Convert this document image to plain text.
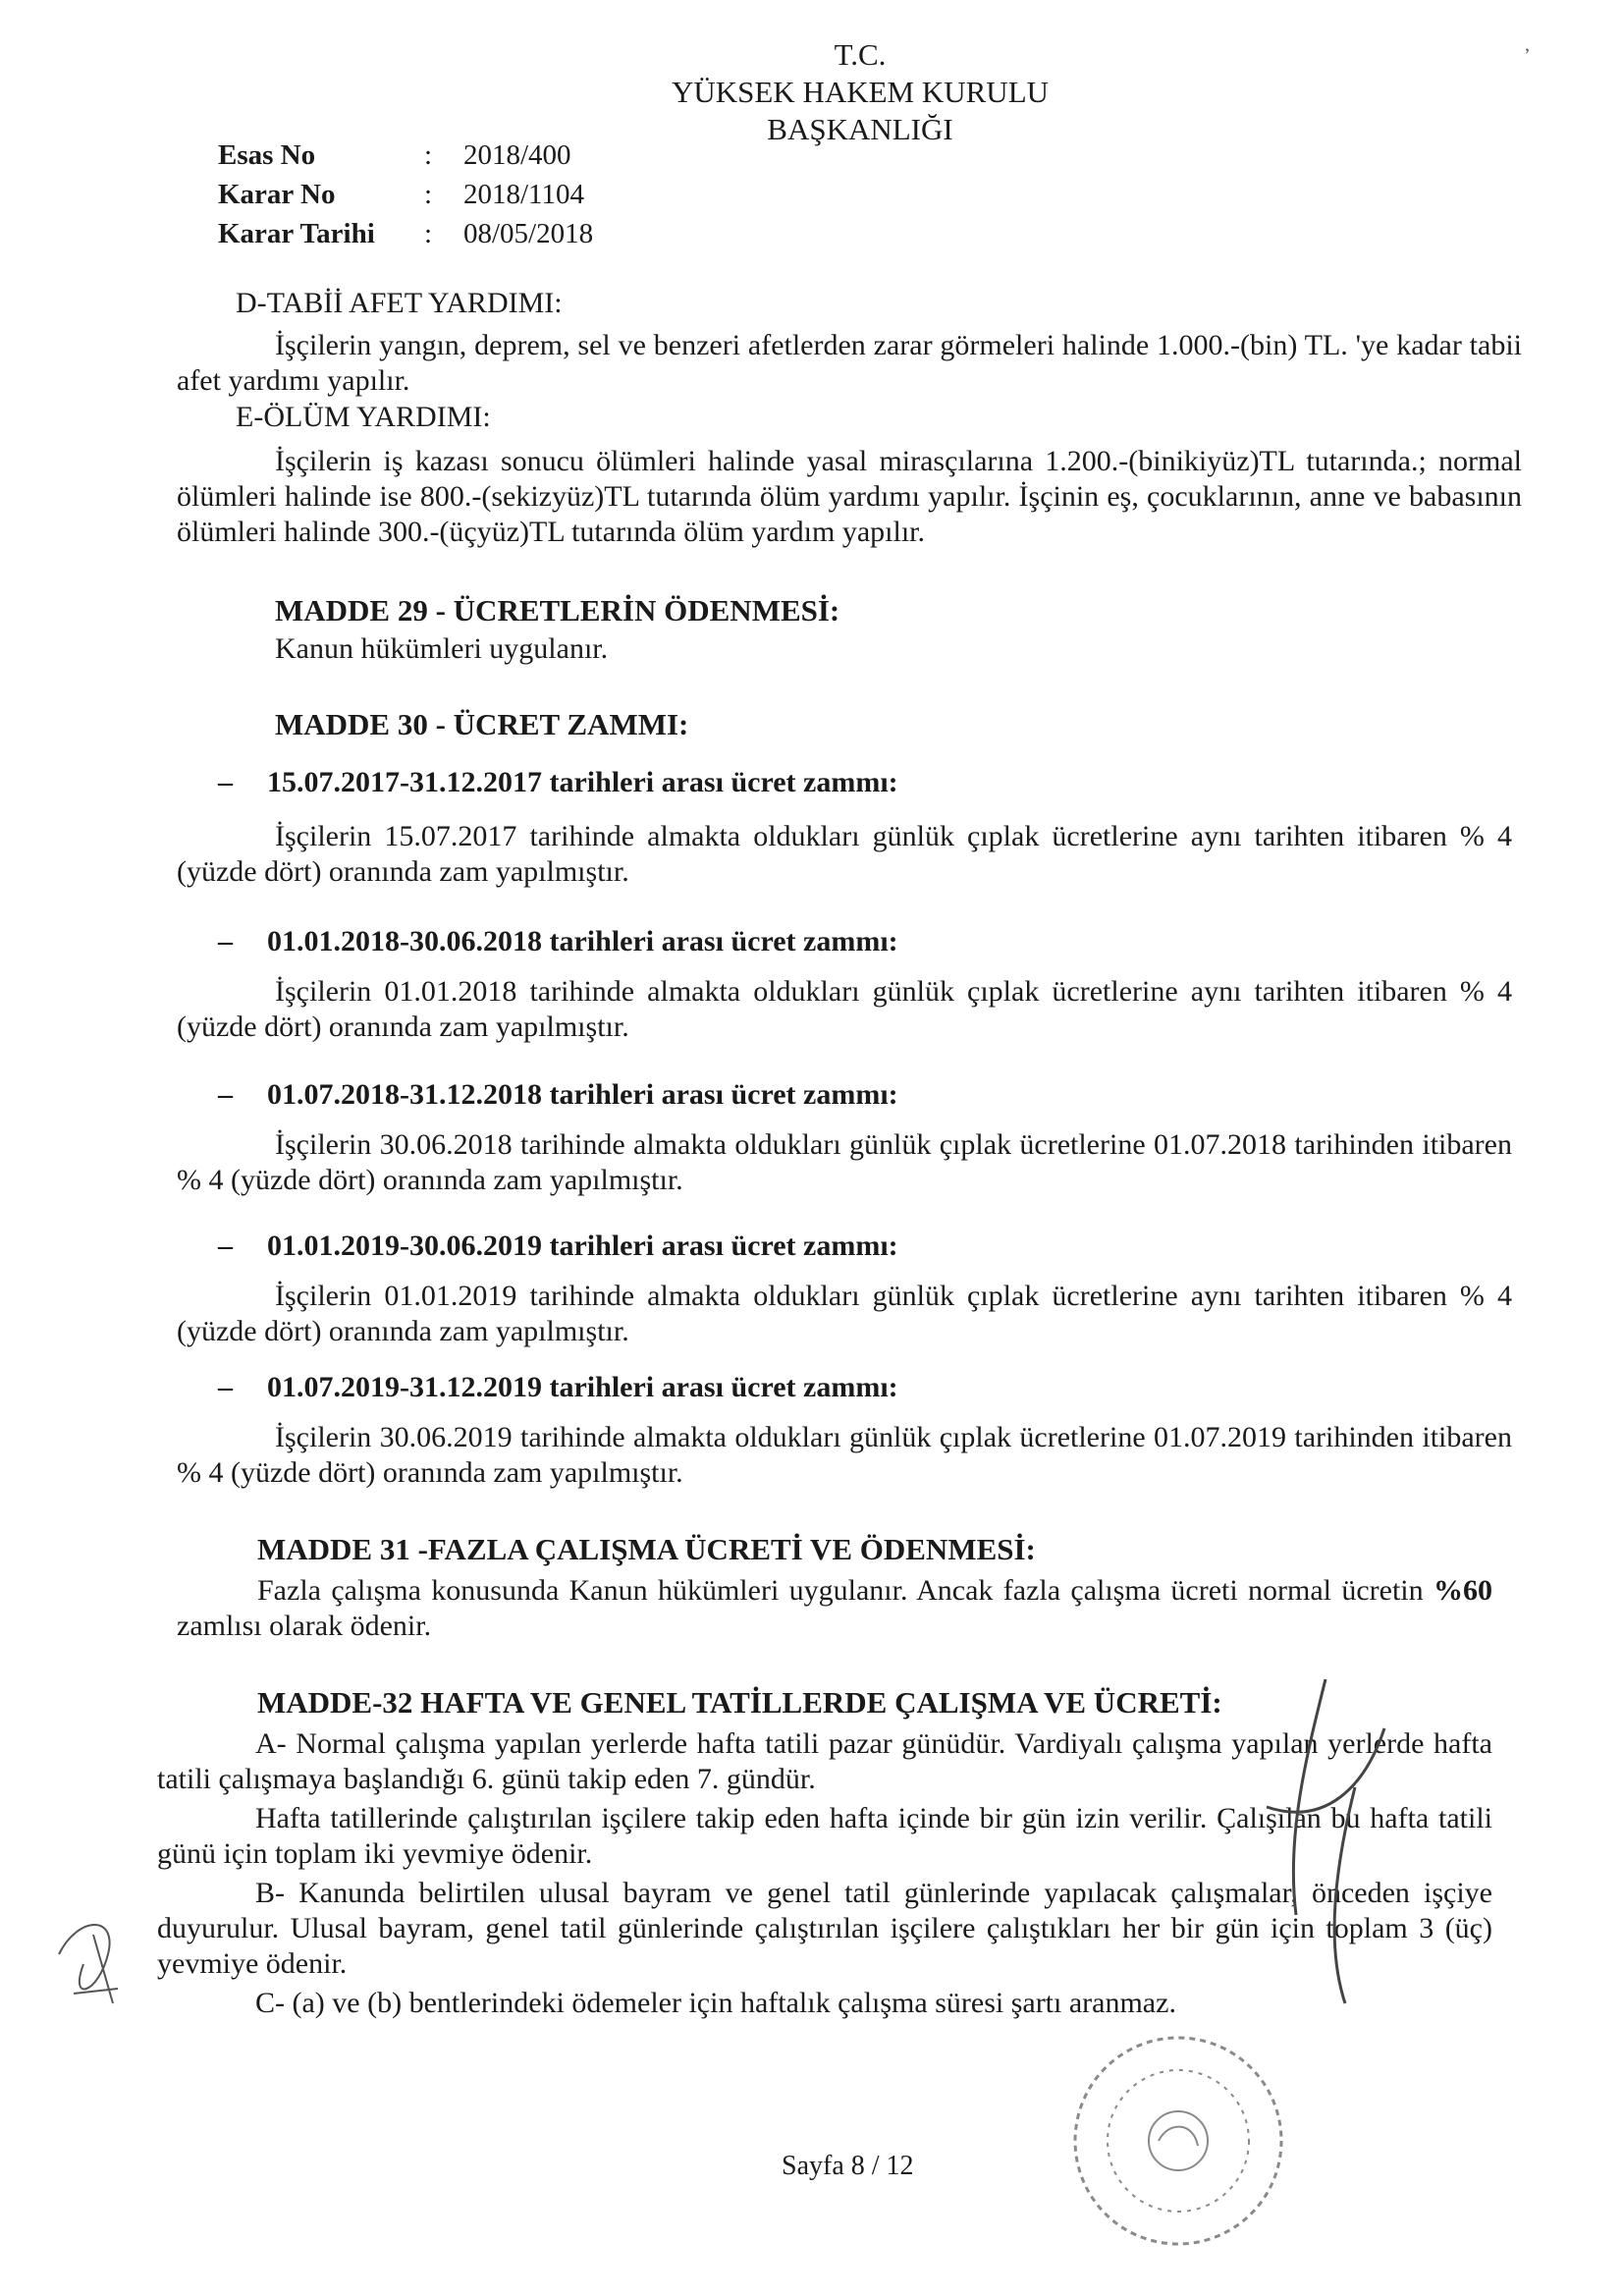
T.C.
YÜKSEK HAKEM KURULU
BAŞKANLIĞI
Esas No	: 2018/400
Karar No	: 2018/1104
Karar Tarihi : 08/05/2018
D-TABİİ AFET YARDIMI:
İşçilerin yangın, deprem, sel ve benzeri afetlerden zarar görmeleri halinde 1.000.-(bin) TL. 'ye kadar tabii afet yardımı yapılır.
E-ÖLÜM YARDIMI:
İşçilerin iş kazası sonucu ölümleri halinde yasal mirasçılarına 1.200.-(binikiyüz)TL tutarında.; normal ölümleri halinde ise 800.-(sekizyüz)TL tutarında ölüm yardımı yapılır. İşçinin eş, çocuklarının, anne ve babasının ölümleri halinde 300.-(üçyüz)TL tutarında ölüm yardım yapılır.
MADDE 29 - ÜCRETLERİN ÖDENMESİ:
Kanun hükümleri uygulanır.
MADDE 30 - ÜCRET ZAMMI:
– 15.07.2017-31.12.2017 tarihleri arası ücret zammı:
İşçilerin 15.07.2017 tarihinde almakta oldukları günlük çıplak ücretlerine aynı tarihten itibaren % 4 (yüzde dört) oranında zam yapılmıştır.
– 01.01.2018-30.06.2018 tarihleri arası ücret zammı:
İşçilerin 01.01.2018 tarihinde almakta oldukları günlük çıplak ücretlerine aynı tarihten itibaren % 4 (yüzde dört) oranında zam yapılmıştır.
– 01.07.2018-31.12.2018 tarihleri arası ücret zammı:
İşçilerin 30.06.2018 tarihinde almakta oldukları günlük çıplak ücretlerine 01.07.2018 tarihinden itibaren % 4 (yüzde dört) oranında zam yapılmıştır.
– 01.01.2019-30.06.2019 tarihleri arası ücret zammı:
İşçilerin 01.01.2019 tarihinde almakta oldukları günlük çıplak ücretlerine aynı tarihten itibaren % 4 (yüzde dört) oranında zam yapılmıştır.
– 01.07.2019-31.12.2019 tarihleri arası ücret zammı:
İşçilerin 30.06.2019 tarihinde almakta oldukları günlük çıplak ücretlerine 01.07.2019 tarihinden itibaren % 4 (yüzde dört) oranında zam yapılmıştır.
MADDE 31 -FAZLA ÇALIŞMA ÜCRETİ VE ÖDENMESİ:
Fazla çalışma konusunda Kanun hükümleri uygulanır. Ancak fazla çalışma ücreti normal ücretin %60 zamlısı olarak ödenir.
MADDE-32 HAFTA VE GENEL TATİLLERDE ÇALIŞMA VE ÜCRETİ:
A- Normal çalışma yapılan yerlerde hafta tatili pazar günüdür. Vardiyalı çalışma yapılan yerlerde hafta tatili çalışmaya başlandığı 6. günü takip eden 7. gündür.
Hafta tatillerinde çalıştırılan işçilere takip eden hafta içinde bir gün izin verilir. Çalışılan bu hafta tatili günü için toplam iki yevmiye ödenir.
B- Kanunda belirtilen ulusal bayram ve genel tatil günlerinde yapılacak çalışmalar, önceden işçiye duyurulur. Ulusal bayram, genel tatil günlerinde çalıştırılan işçilere çalıştıkları her bir gün için toplam 3 (üç) yevmiye ödenir.
C- (a) ve (b) bentlerindeki ödemeler için haftalık çalışma süresi şartı aranmaz.
Sayfa 8 / 12
ʼ
